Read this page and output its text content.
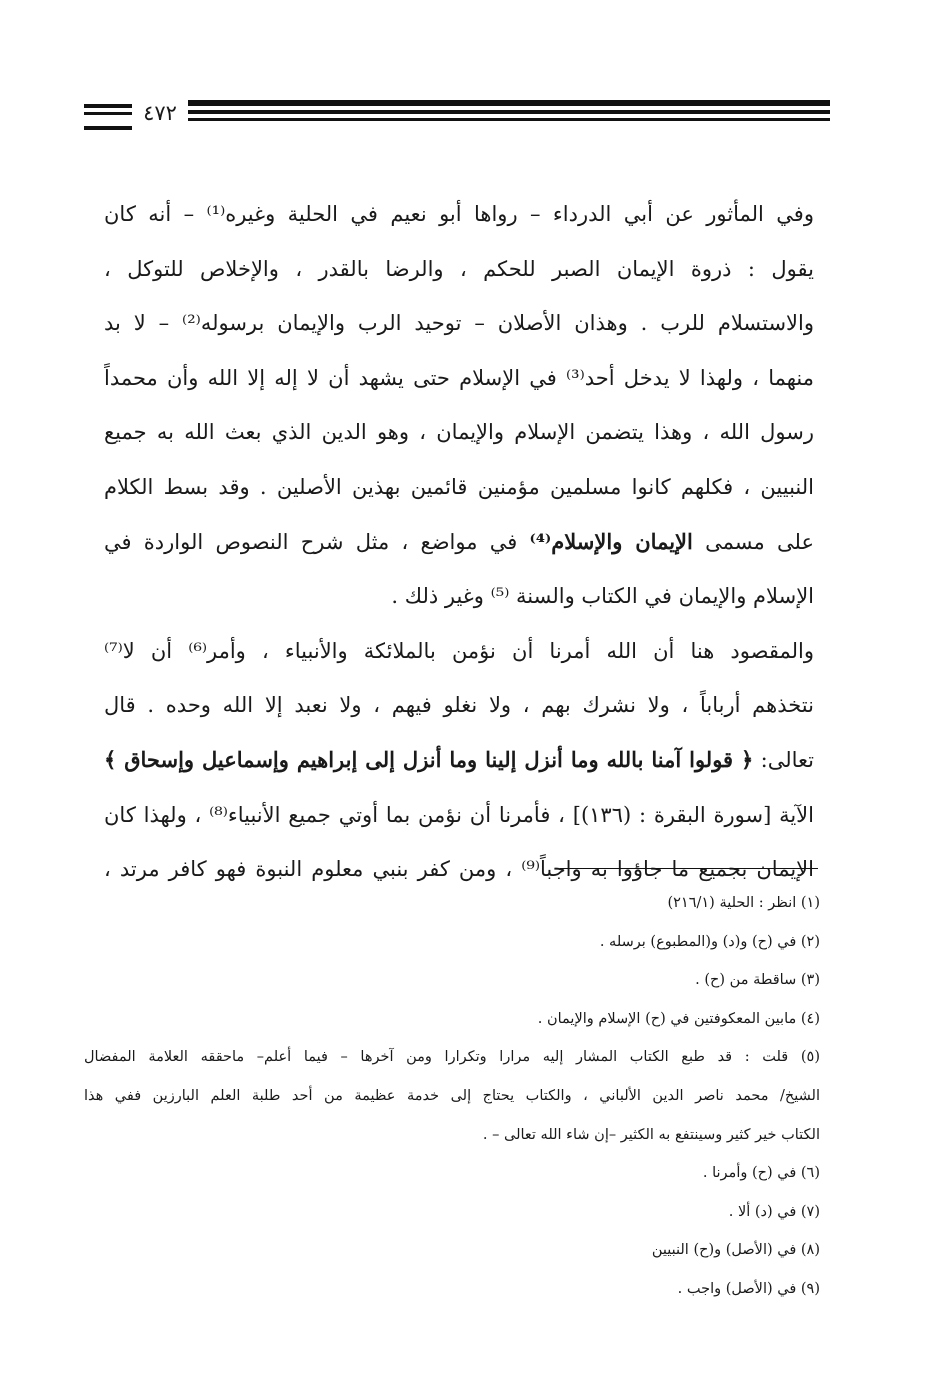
٤٧٢
وفي المأثور عن أبي الدرداء – رواها أبو نعيم في الحلية وغيره⁽¹⁾ – أنه كان
يقول : ذروة الإيمان الصبر للحكم ، والرضا بالقدر ، والإخلاص للتوكل ،
والاستسلام للرب . وهذان الأصلان – توحيد الرب والإيمان برسوله⁽²⁾ – لا بد
منهما ، ولهذا لا يدخل أحد⁽³⁾ في الإسلام حتى يشهد أن لا إله إلا الله وأن محمداً
رسول الله ، وهذا يتضمن الإسلام والإيمان ، وهو الدين الذي بعث الله به جميع
النبيين ، فكلهم كانوا مسلمين مؤمنين قائمين بهذين الأصلين . وقد بسط الكلام
على مسمى الإيمان والإسلام⁽⁴⁾ في مواضع ، مثل شرح النصوص الواردة في
الإسلام والإيمان في الكتاب والسنة ⁽⁵⁾ وغير ذلك .
والمقصود هنا أن الله أمرنا أن نؤمن بالملائكة والأنبياء ، وأمر⁽⁶⁾ أن لا⁽⁷⁾
نتخذهم أرباباً ، ولا نشرك بهم ، ولا نغلو فيهم ، ولا نعبد إلا الله وحده . قال
تعالى: ﴿ قولوا آمنا بالله وما أنزل إلينا وما أنزل إلى إبراهيم وإسماعيل وإسحاق ﴾
الآية [سورة البقرة : (١٣٦)] ، فأمرنا أن نؤمن بما أوتي جميع الأنبياء⁽⁸⁾ ، ولهذا كان
الإيمان بجميع ما جاؤوا به واجباً⁽⁹⁾ ، ومن كفر بنبي معلوم النبوة فهو كافر مرتد ،
(١) انظر : الحلية (٢١٦/١)
(٢) في (ح) و(د) و(المطبوع) برسله .
(٣) ساقطة من (ح) .
(٤) مابين المعكوفتين في (ح) الإسلام والإيمان .
(٥) قلت : قد طبع الكتاب المشار إليه مرارا وتكرارا ومن آخرها – فيما أعلم– ماحققه العلامة المفضال
الشيخ/ محمد ناصر الدين الألباني ، والكتاب يحتاج إلى خدمة عظيمة من أحد طلبة العلم البارزين ففي هذا
الكتاب خير كثير وسينتفع به الكثير –إن شاء الله تعالى – .
(٦) في (ح) وأمرنا .
(٧) في (د) ألا .
(٨) في (الأصل) و(ح) النبيين
(٩) في (الأصل) واجب .
